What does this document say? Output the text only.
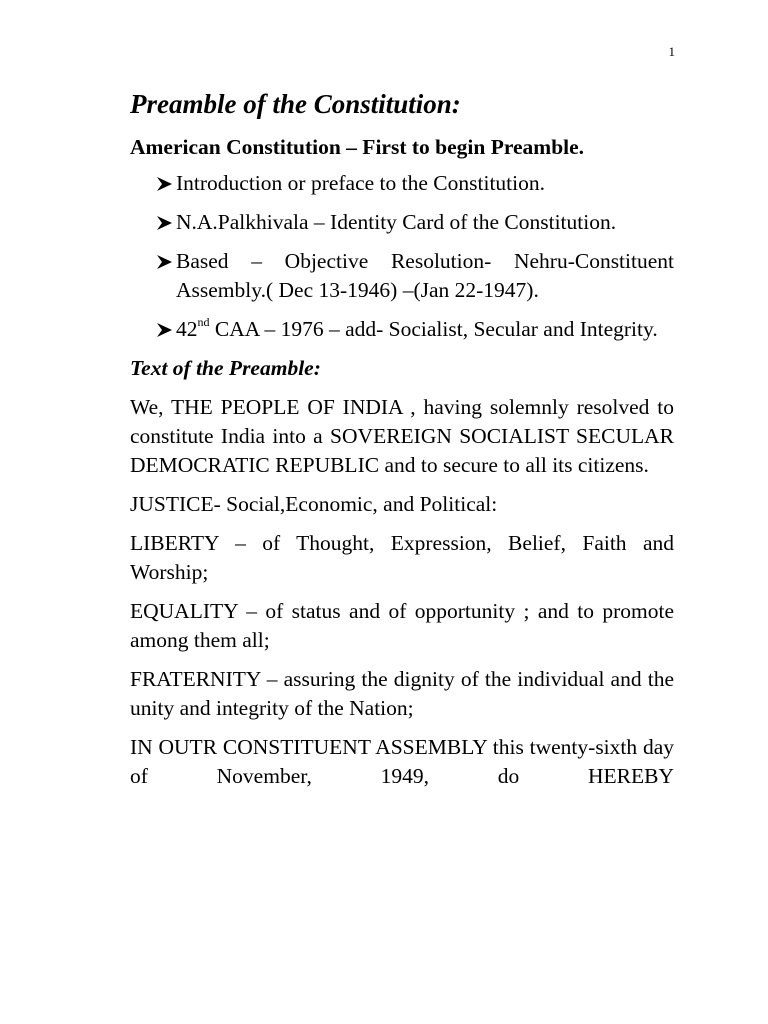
1
Preamble of the Constitution:
American Constitution – First to begin Preamble.
Introduction or preface to the Constitution.
N.A.Palkhivala – Identity Card of the Constitution.
Based – Objective Resolution- Nehru-Constituent Assembly.( Dec 13-1946) –(Jan 22-1947).
42nd CAA – 1976 – add- Socialist, Secular and Integrity.
Text of the Preamble:

We, THE PEOPLE OF INDIA , having solemnly resolved to constitute India into a SOVEREIGN SOCIALIST SECULAR DEMOCRATIC REPUBLIC and to secure to all its citizens.

JUSTICE- Social,Economic, and Political:

LIBERTY – of Thought, Expression, Belief, Faith and Worship;

EQUALITY – of status and of opportunity ; and to promote among them all;

FRATERNITY – assuring the dignity of the individual and the unity and integrity of the Nation;

IN OUTR CONSTITUENT ASSEMBLY this twenty-sixth day of November, 1949, do HEREBY
